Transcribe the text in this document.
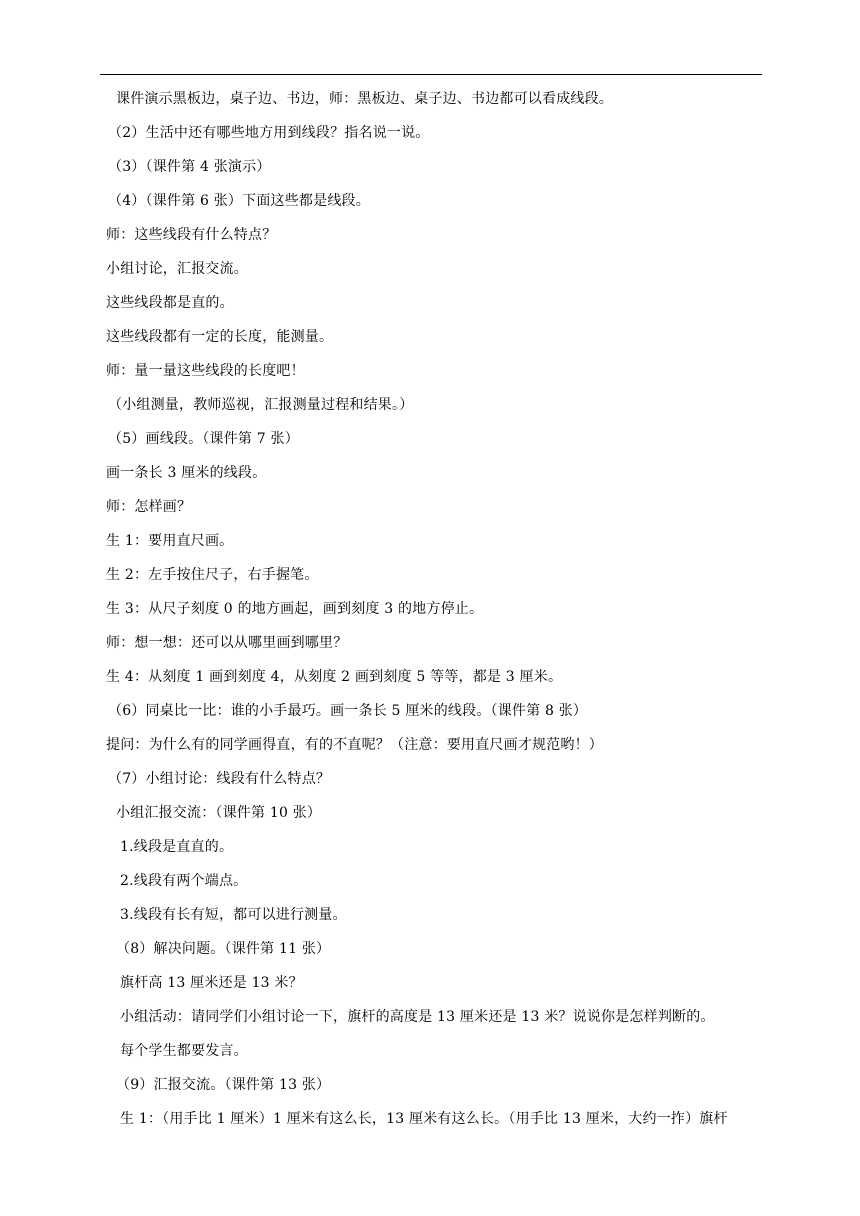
课件演示黑板边，桌子边、书边，师：黑板边、桌子边、书边都可以看成线段。
（2）生活中还有哪些地方用到线段？指名说一说。
（3）（课件第 4 张演示）
（4）（课件第 6 张）下面这些都是线段。
师：这些线段有什么特点？
小组讨论，汇报交流。
这些线段都是直的。
这些线段都有一定的长度，能测量。
师：量一量这些线段的长度吧！
（小组测量，教师巡视，汇报测量过程和结果。）
（5）画线段。（课件第 7 张）
画一条长 3 厘米的线段。
师：怎样画？
生 1：要用直尺画。
生 2：左手按住尺子，右手握笔。
生 3：从尺子刻度 0 的地方画起，画到刻度 3 的地方停止。
师：想一想：还可以从哪里画到哪里？
生 4：从刻度 1 画到刻度 4，从刻度 2 画到刻度 5 等等，都是 3 厘米。
（6）同桌比一比：谁的小手最巧。画一条长 5 厘米的线段。（课件第 8 张）
提问：为什么有的同学画得直，有的不直呢？（注意：要用直尺画才规范哟！）
（7）小组讨论：线段有什么特点？
小组汇报交流：（课件第 10 张）
1.线段是直直的。
2.线段有两个端点。
3.线段有长有短，都可以进行测量。
（8）解决问题。（课件第 11 张）
旗杆高 13 厘米还是 13 米？
小组活动：请同学们小组讨论一下，旗杆的高度是 13 厘米还是 13 米？说说你是怎样判断的。
每个学生都要发言。
（9）汇报交流。（课件第 13 张）
生 1：（用手比 1 厘米）1 厘米有这么长，13 厘米有这么长。（用手比 13 厘米，大约一拃）旗杆
